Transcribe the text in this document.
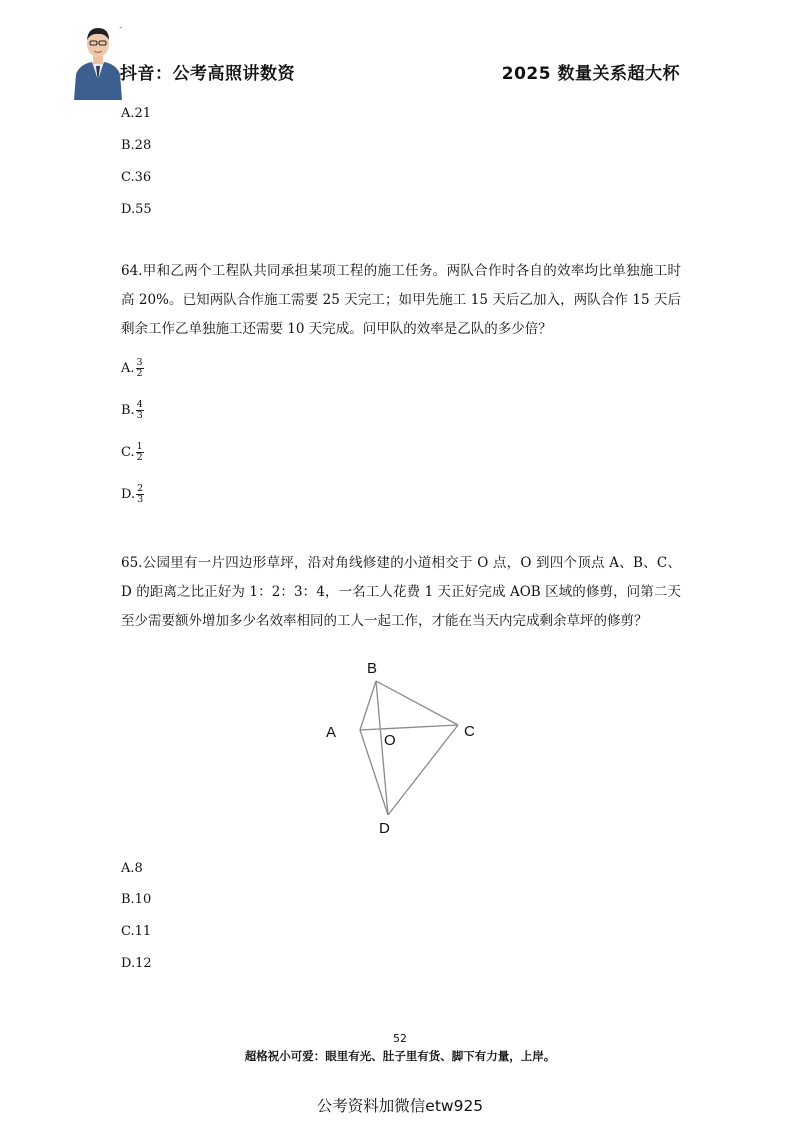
™
抖音：公考高照讲数资	2025 数量关系超大杯
A.21
B.28
C.36
D.55
64.甲和乙两个工程队共同承担某项工程的施工任务。两队合作时各自的效率均比单独施工时高 20%。已知两队合作施工需要 25 天完工；如甲先施工 15 天后乙加入，两队合作 15 天后剩余工作乙单独施工还需要 10 天完成。问甲队的效率是乙队的多少倍？
A. $\frac{3}{2}$
B. $\frac{4}{3}$
C. $\frac{1}{2}$
D. $\frac{2}{3}$
65.公园里有一片四边形草坪，沿对角线修建的小道相交于 O 点，O 到四个顶点 A、B、C、D 的距离之比正好为 1：2：3：4，一名工人花费 1 天正好完成 AOB 区域的修剪，问第二天至少需要额外增加多少名效率相同的工人一起工作，才能在当天内完成剩余草坪的修剪？
B
A	C
D
O
A.8
B.10
C.11
D.12
52
超格祝小可爱：眼里有光、肚子里有货、脚下有力量，上岸。
公考资料加微信etw925
